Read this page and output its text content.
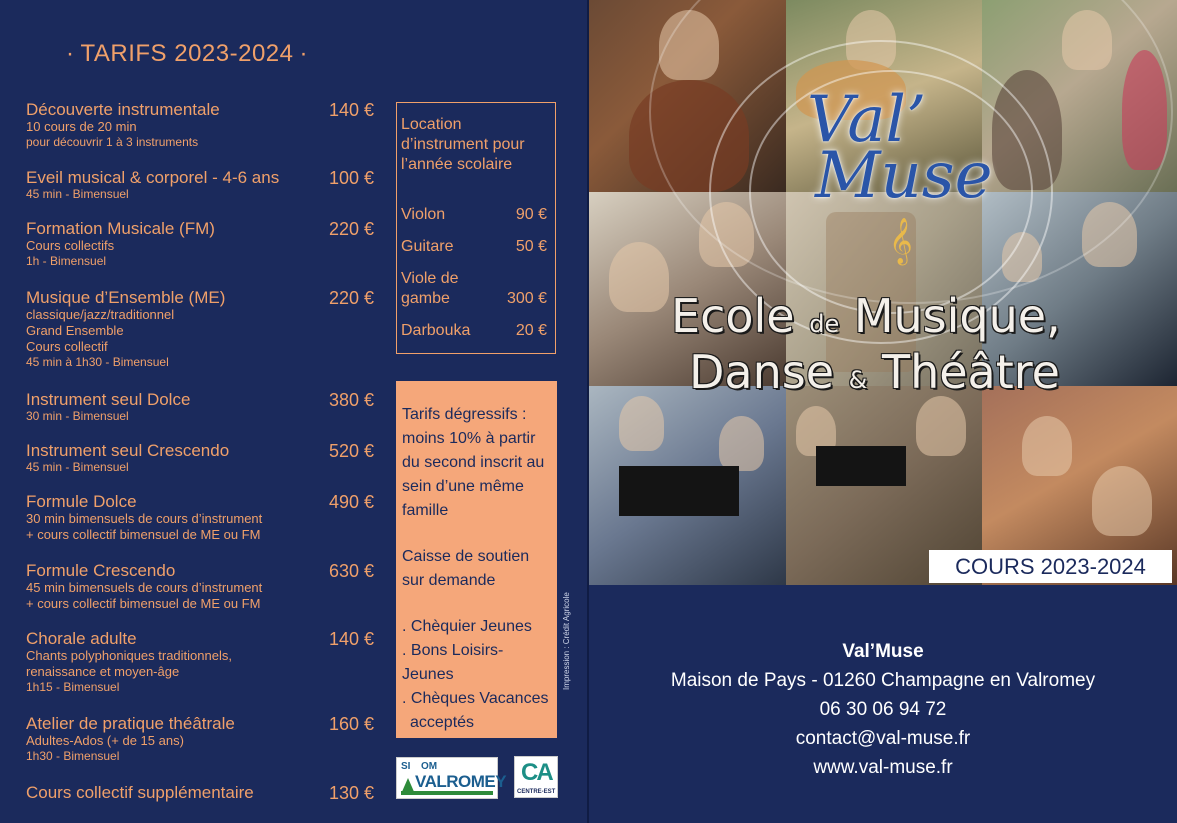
· TARIFS 2023-2024 ·
Découverte instrumentale
10 cours de 20 min
pour découvrir 1 à 3 instruments
140 €
Eveil musical & corporel - 4-6 ans
45 min - Bimensuel
100 €
Formation Musicale (FM)
Cours collectifs
1h - Bimensuel
220 €
Musique d’Ensemble (ME)
classique/jazz/traditionnel
Grand Ensemble
Cours collectif
45 min à 1h30 - Bimensuel
220 €
Instrument seul Dolce
30 min - Bimensuel
380 €
Instrument seul Crescendo
45 min - Bimensuel
520 €
Formule Dolce
30 min bimensuels de cours d’instrument
+ cours collectif bimensuel de ME ou FM
490 €
Formule Crescendo
45 min bimensuels de cours d’instrument
+ cours collectif bimensuel de ME ou FM
630 €
Chorale adulte
Chants polyphoniques traditionnels,
renaissance et moyen-âge
1h15 - Bimensuel
140 €
Atelier de pratique théâtrale
Adultes-Ados (+ de 15 ans)
1h30 - Bimensuel
160 €
Cours collectif supplémentaire	130 €
Location d’instrument pour l’année scolaire
Violon	90 €
Guitare	50 €
Viole de gambe	300 €
Darbouka	20 €
Tarifs dégressifs : moins 10% à partir du second inscrit au sein d’une même famille
Caisse de soutien sur demande
. Chèquier Jeunes
. Bons Loisirs-Jeunes
. Chèques Vacances acceptés
Impression : Crédit Agricole
SI OM
VALROMEY CA
CENTRE-EST
Val’
Muse
𝄞
Ecole de Musique,
Danse & Théâtre
COURS 2023-2024
Val’Muse
Maison de Pays - 01260 Champagne en Valromey
06 30 06 94 72
contact@val-muse.fr
www.val-muse.fr
